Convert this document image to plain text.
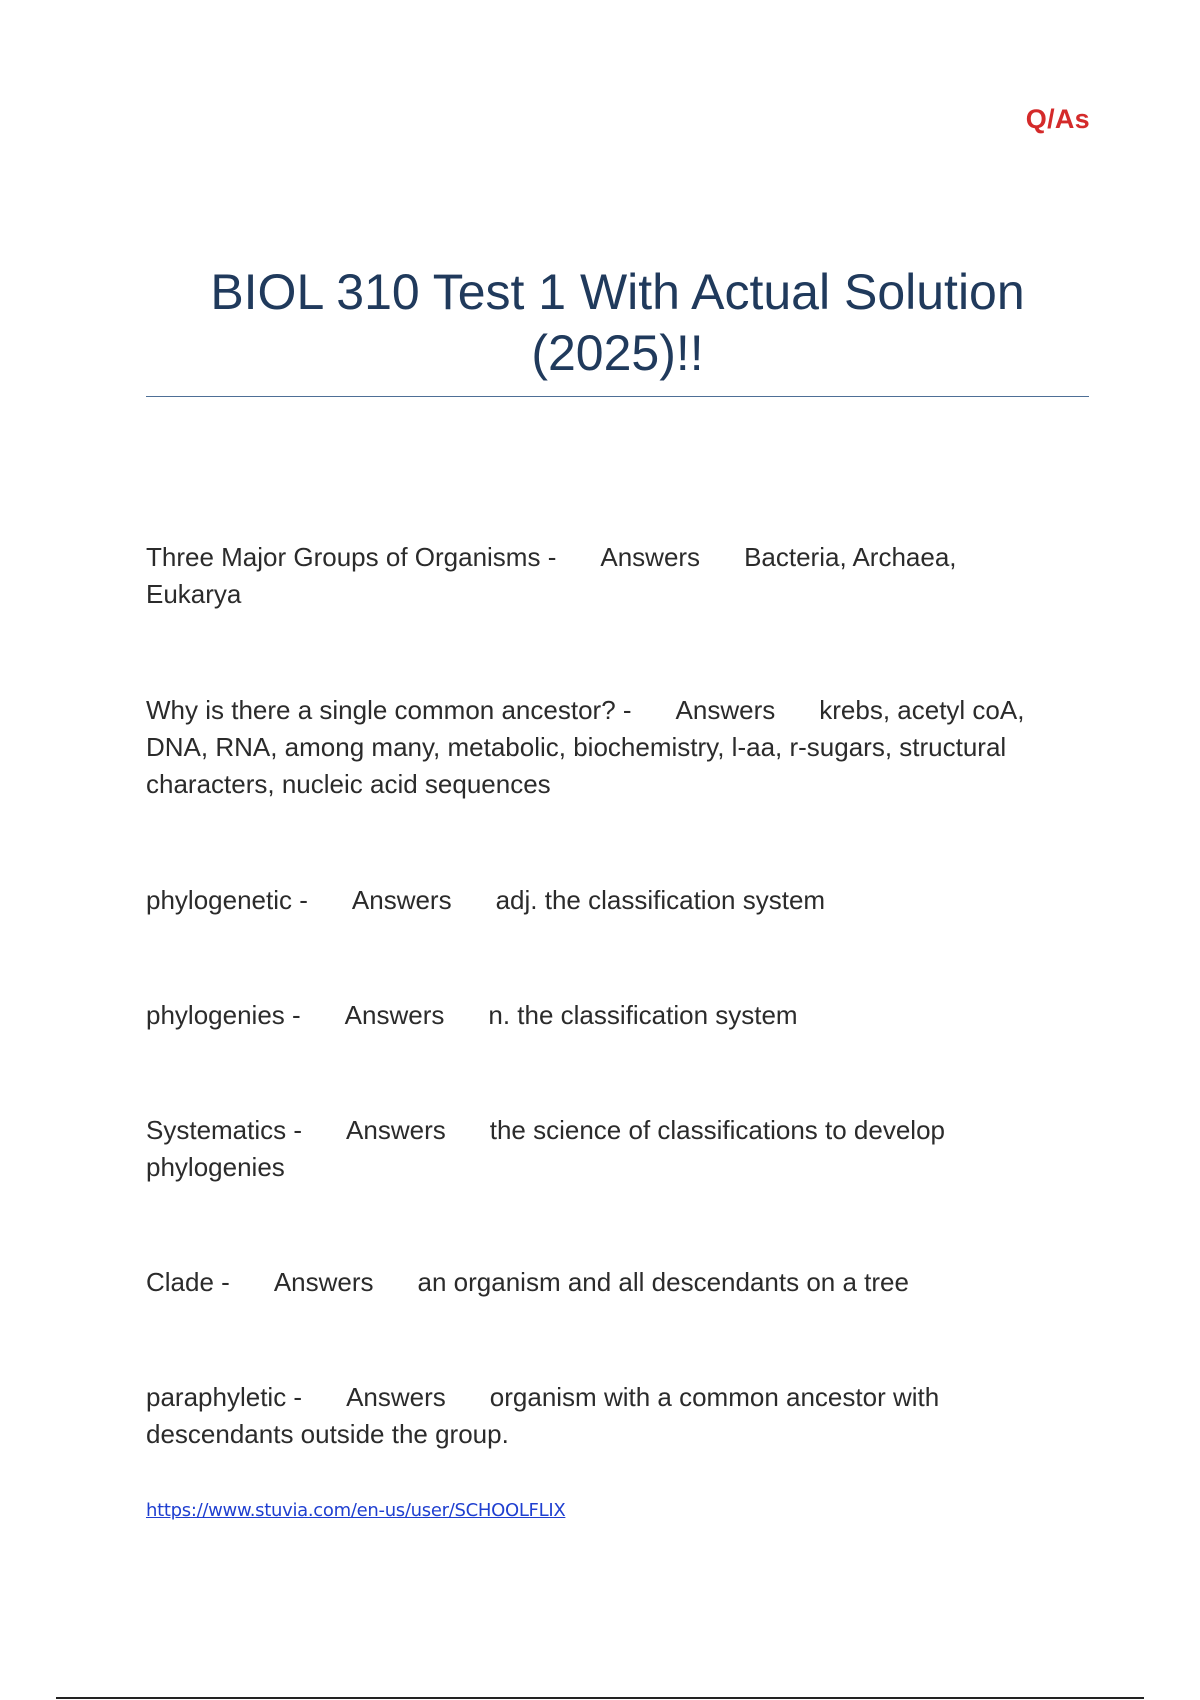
Q/As
BIOL 310 Test 1 With Actual Solution
(2025)!!
Three Major Groups of Organisms - Answers Bacteria, Archaea, Eukarya
Why is there a single common ancestor? - Answers krebs, acetyl coA, DNA, RNA, among many, metabolic, biochemistry, l-aa, r-sugars, structural characters, nucleic acid sequences
phylogenetic - Answers adj. the classification system
phylogenies - Answers n. the classification system
Systematics - Answers the science of classifications to develop phylogenies
Clade - Answers an organism and all descendants on a tree
paraphyletic - Answers organism with a common ancestor with descendants outside the group.
https://www.stuvia.com/en-us/user/SCHOOLFLIX
